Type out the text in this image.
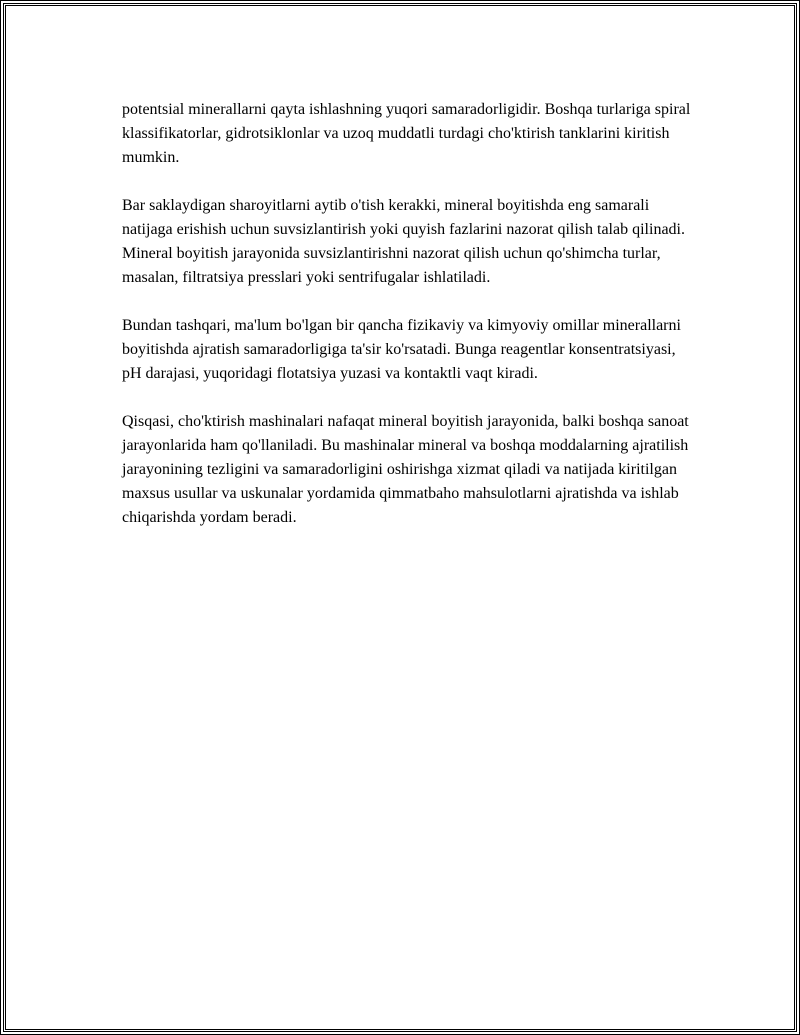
potentsial minerallarni qayta ishlashning yuqori samaradorligidir. Boshqa turlariga spiral klassifikatorlar, gidrotsiklonlar va uzoq muddatli turdagi cho'ktirish tanklarini kiritish mumkin.

Bar saklaydigan sharoyitlarni aytib o'tish kerakki, mineral boyitishda eng samarali natijaga erishish uchun suvsizlantirish yoki quyish fazlarini nazorat qilish talab qilinadi. Mineral boyitish jarayonida suvsizlantirishni nazorat qilish uchun qo'shimcha turlar, masalan, filtratsiya presslari yoki sentrifugalar ishlatiladi.

Bundan tashqari, ma'lum bo'lgan bir qancha fizikaviy va kimyoviy omillar minerallarni boyitishda ajratish samaradorligiga ta'sir ko'rsatadi. Bunga reagentlar konsentratsiyasi, pH darajasi, yuqoridagi flotatsiya yuzasi va kontaktli vaqt kiradi.

Qisqasi, cho'ktirish mashinalari nafaqat mineral boyitish jarayonida, balki boshqa sanoat jarayonlarida ham qo'llaniladi. Bu mashinalar mineral va boshqa moddalarning ajratilish jarayonining tezligini va samaradorligini oshirishga xizmat qiladi va natijada kiritilgan maxsus usullar va uskunalar yordamida qimmatbaho mahsulotlarni ajratishda va ishlab chiqarishda yordam beradi.
